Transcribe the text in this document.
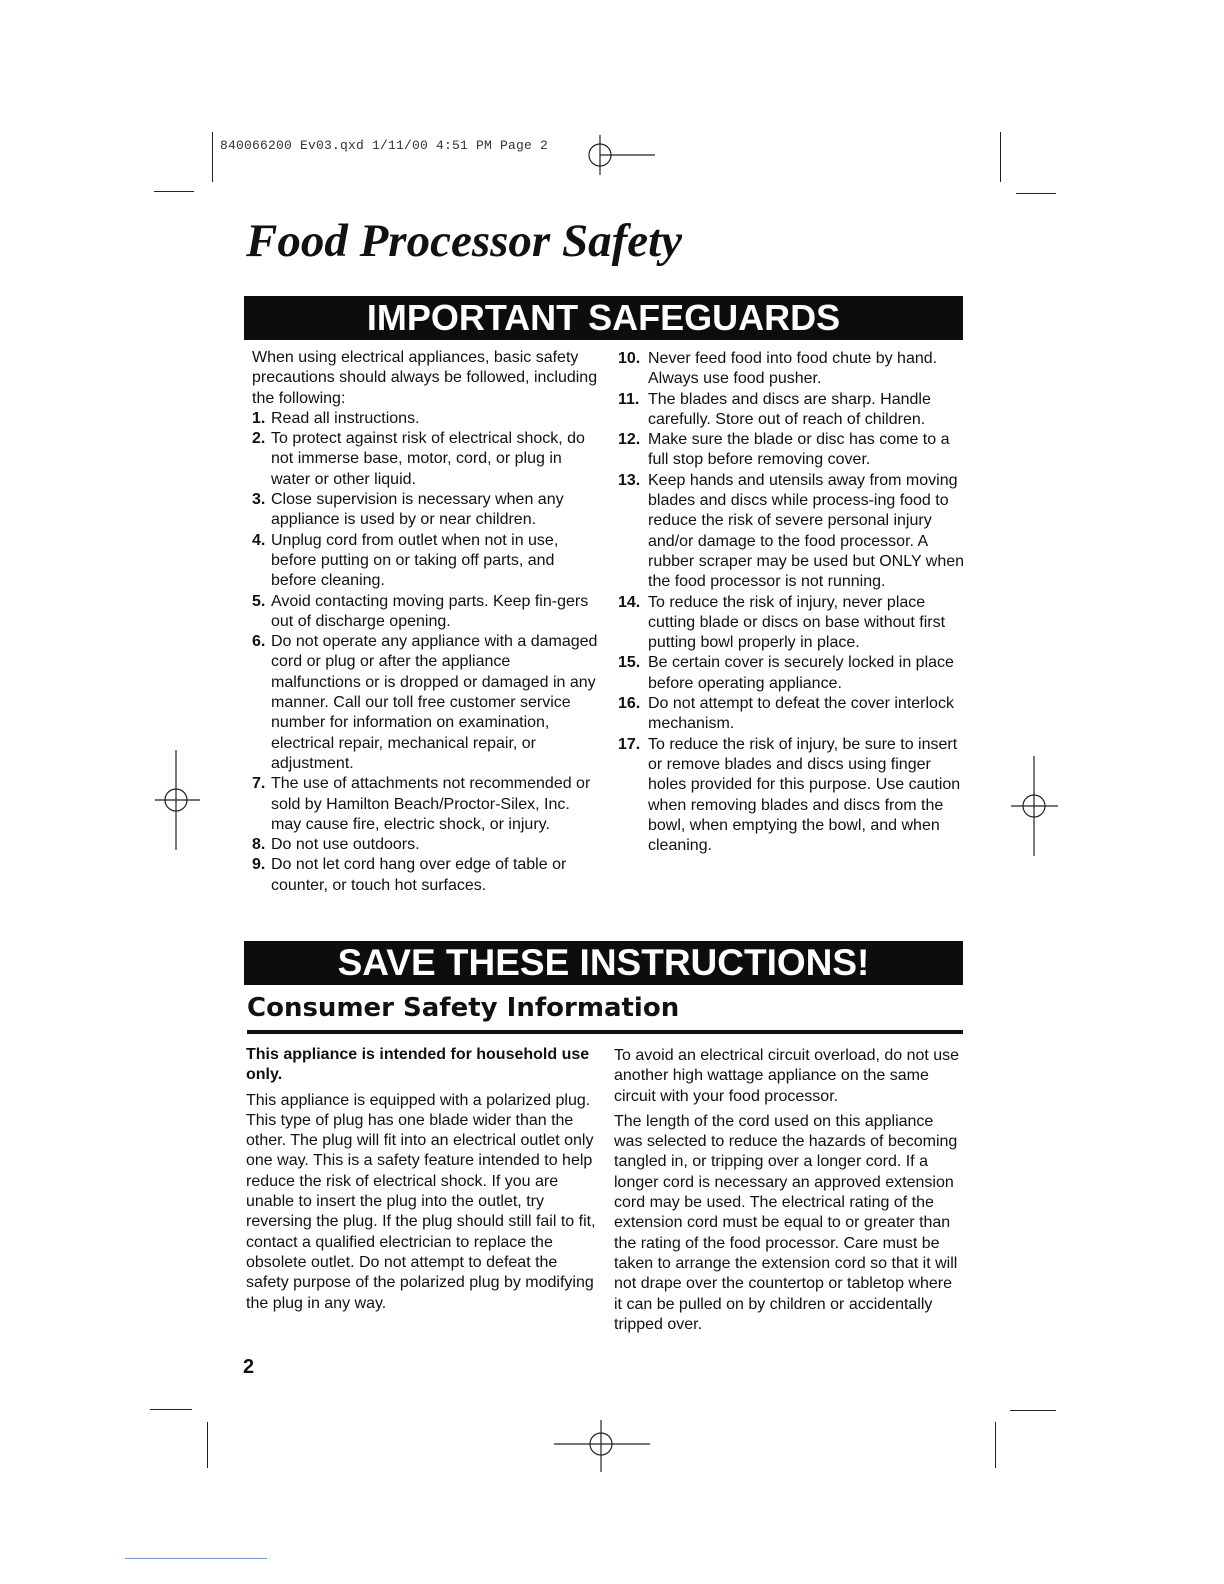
840066200 Ev03.qxd 1/11/00 4:51 PM Page 2
Food Processor Safety
IMPORTANT SAFEGUARDS

When using electrical appliances, basic safety precautions should always be followed, including the following:

1. Read all instructions.
2. To protect against risk of electrical shock, do not immerse base, motor, cord, or plug in water or other liquid.
3. Close supervision is necessary when any appliance is used by or near children.
4. Unplug cord from outlet when not in use, before putting on or taking off parts, and before cleaning.
5. Avoid contacting moving parts. Keep fin-gers out of discharge opening.
6. Do not operate any appliance with a damaged cord or plug or after the appliance malfunctions or is dropped or damaged in any manner. Call our toll free customer service number for information on examination, electrical repair, mechanical repair, or adjustment.
7. The use of attachments not recommended or sold by Hamilton Beach/Proctor-Silex, Inc. may cause fire, electric shock, or injury.
8. Do not use outdoors.
9. Do not let cord hang over edge of table or counter, or touch hot surfaces.
10. Never feed food into food chute by hand. Always use food pusher.
11. The blades and discs are sharp. Handle carefully. Store out of reach of children.
12. Make sure the blade or disc has come to a full stop before removing cover.
13. Keep hands and utensils away from moving blades and discs while process-ing food to reduce the risk of severe personal injury and/or damage to the food processor. A rubber scraper may be used but ONLY when the food processor is not running.
14. To reduce the risk of injury, never place cutting blade or discs on base without first putting bowl properly in place.
15. Be certain cover is securely locked in place before operating appliance.
16. Do not attempt to defeat the cover interlock mechanism.
17. To reduce the risk of injury, be sure to insert or remove blades and discs using finger holes provided for this purpose. Use caution when removing blades and discs from the bowl, when emptying the bowl, and when cleaning.
SAVE THESE INSTRUCTIONS!
Consumer Safety Information

This appliance is intended for household use only.

This appliance is equipped with a polarized plug. This type of plug has one blade wider than the other. The plug will fit into an electrical outlet only one way. This is a safety feature intended to help reduce the risk of electrical shock. If you are unable to insert the plug into the outlet, try reversing the plug. If the plug should still fail to fit, contact a qualified electrician to replace the obsolete outlet. Do not attempt to defeat the safety purpose of the polarized plug by modifying the plug in any way.

To avoid an electrical circuit overload, do not use another high wattage appliance on the same circuit with your food processor.

The length of the cord used on this appliance was selected to reduce the hazards of becoming tangled in, or tripping over a longer cord. If a longer cord is necessary an approved extension cord may be used. The electrical rating of the extension cord must be equal to or greater than the rating of the food processor. Care must be taken to arrange the extension cord so that it will not drape over the countertop or tabletop where it can be pulled on by children or accidentally tripped over.

2
